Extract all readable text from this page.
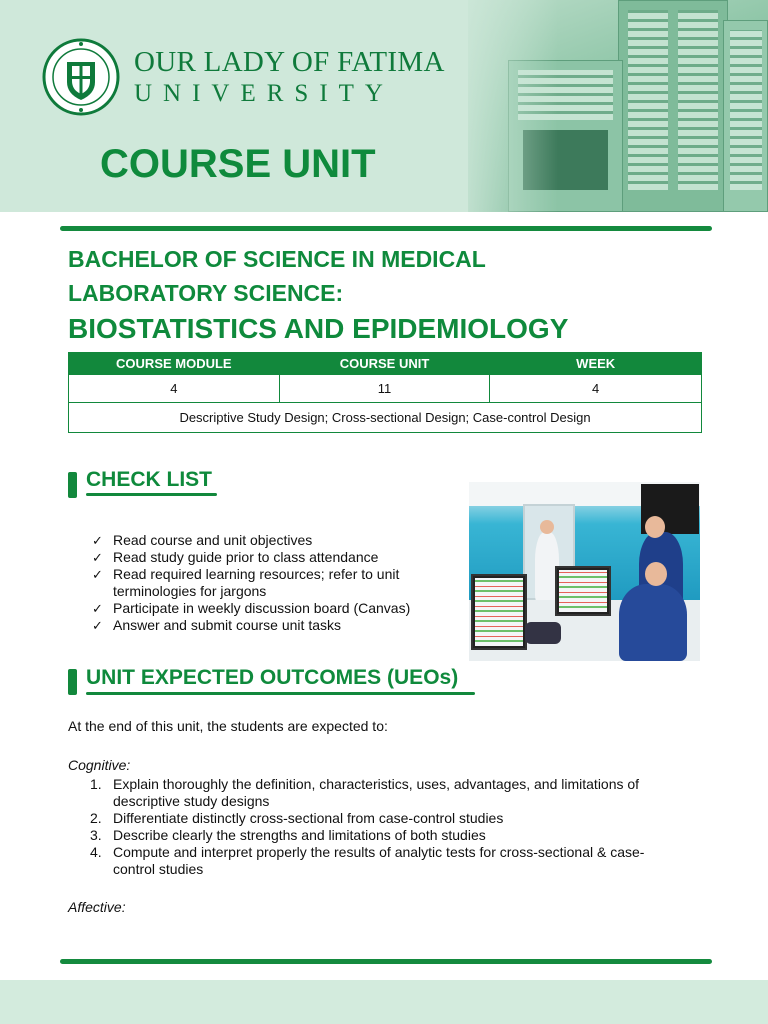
OUR LADY OF FATIMA
UNIVERSITY
COURSE UNIT
BACHELOR OF SCIENCE IN MEDICAL
LABORATORY SCIENCE:
BIOSTATISTICS AND EPIDEMIOLOGY
COURSE MODULE	COURSE UNIT	WEEK
4	11	4
Descriptive Study Design; Cross-sectional Design; Case-control Design		
CHECK LIST
✓ Read course and unit objectives
✓ Read study guide prior to class attendance
✓ Read required learning resources; refer to unit terminologies for jargons
✓ Participate in weekly discussion board (Canvas)
✓ Answer and submit course unit tasks
UNIT EXPECTED OUTCOMES (UEOs)
At the end of this unit, the students are expected to:
Cognitive:
1. Explain thoroughly the definition, characteristics, uses, advantages, and limitations of descriptive study designs
2. Differentiate distinctly cross-sectional from case-control studies
3. Describe clearly the strengths and limitations of both studies
4. Compute and interpret properly the results of analytic tests for cross-sectional & case-control studies
Affective:
